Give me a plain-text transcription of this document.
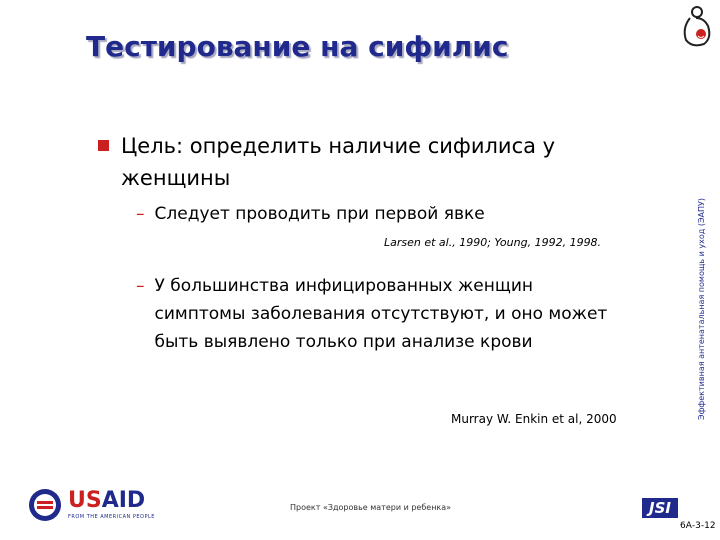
Тестирование на сифилис
Эффективная антенатальная помощь и уход (ЭАПУ)
Цель: определить наличие сифилиса у женщины
– Следует проводить при первой явке
Larsen et al., 1990; Young, 1992, 1998.
– У большинства инфицированных женщин симптомы заболевания отсутствуют, и оно может быть выявлено только при анализе крови
Murray W. Enkin et al, 2000
USAID
FROM THE AMERICAN PEOPLE
Проект «Здоровье матери и ребенка»	JSI
6А-3-12
